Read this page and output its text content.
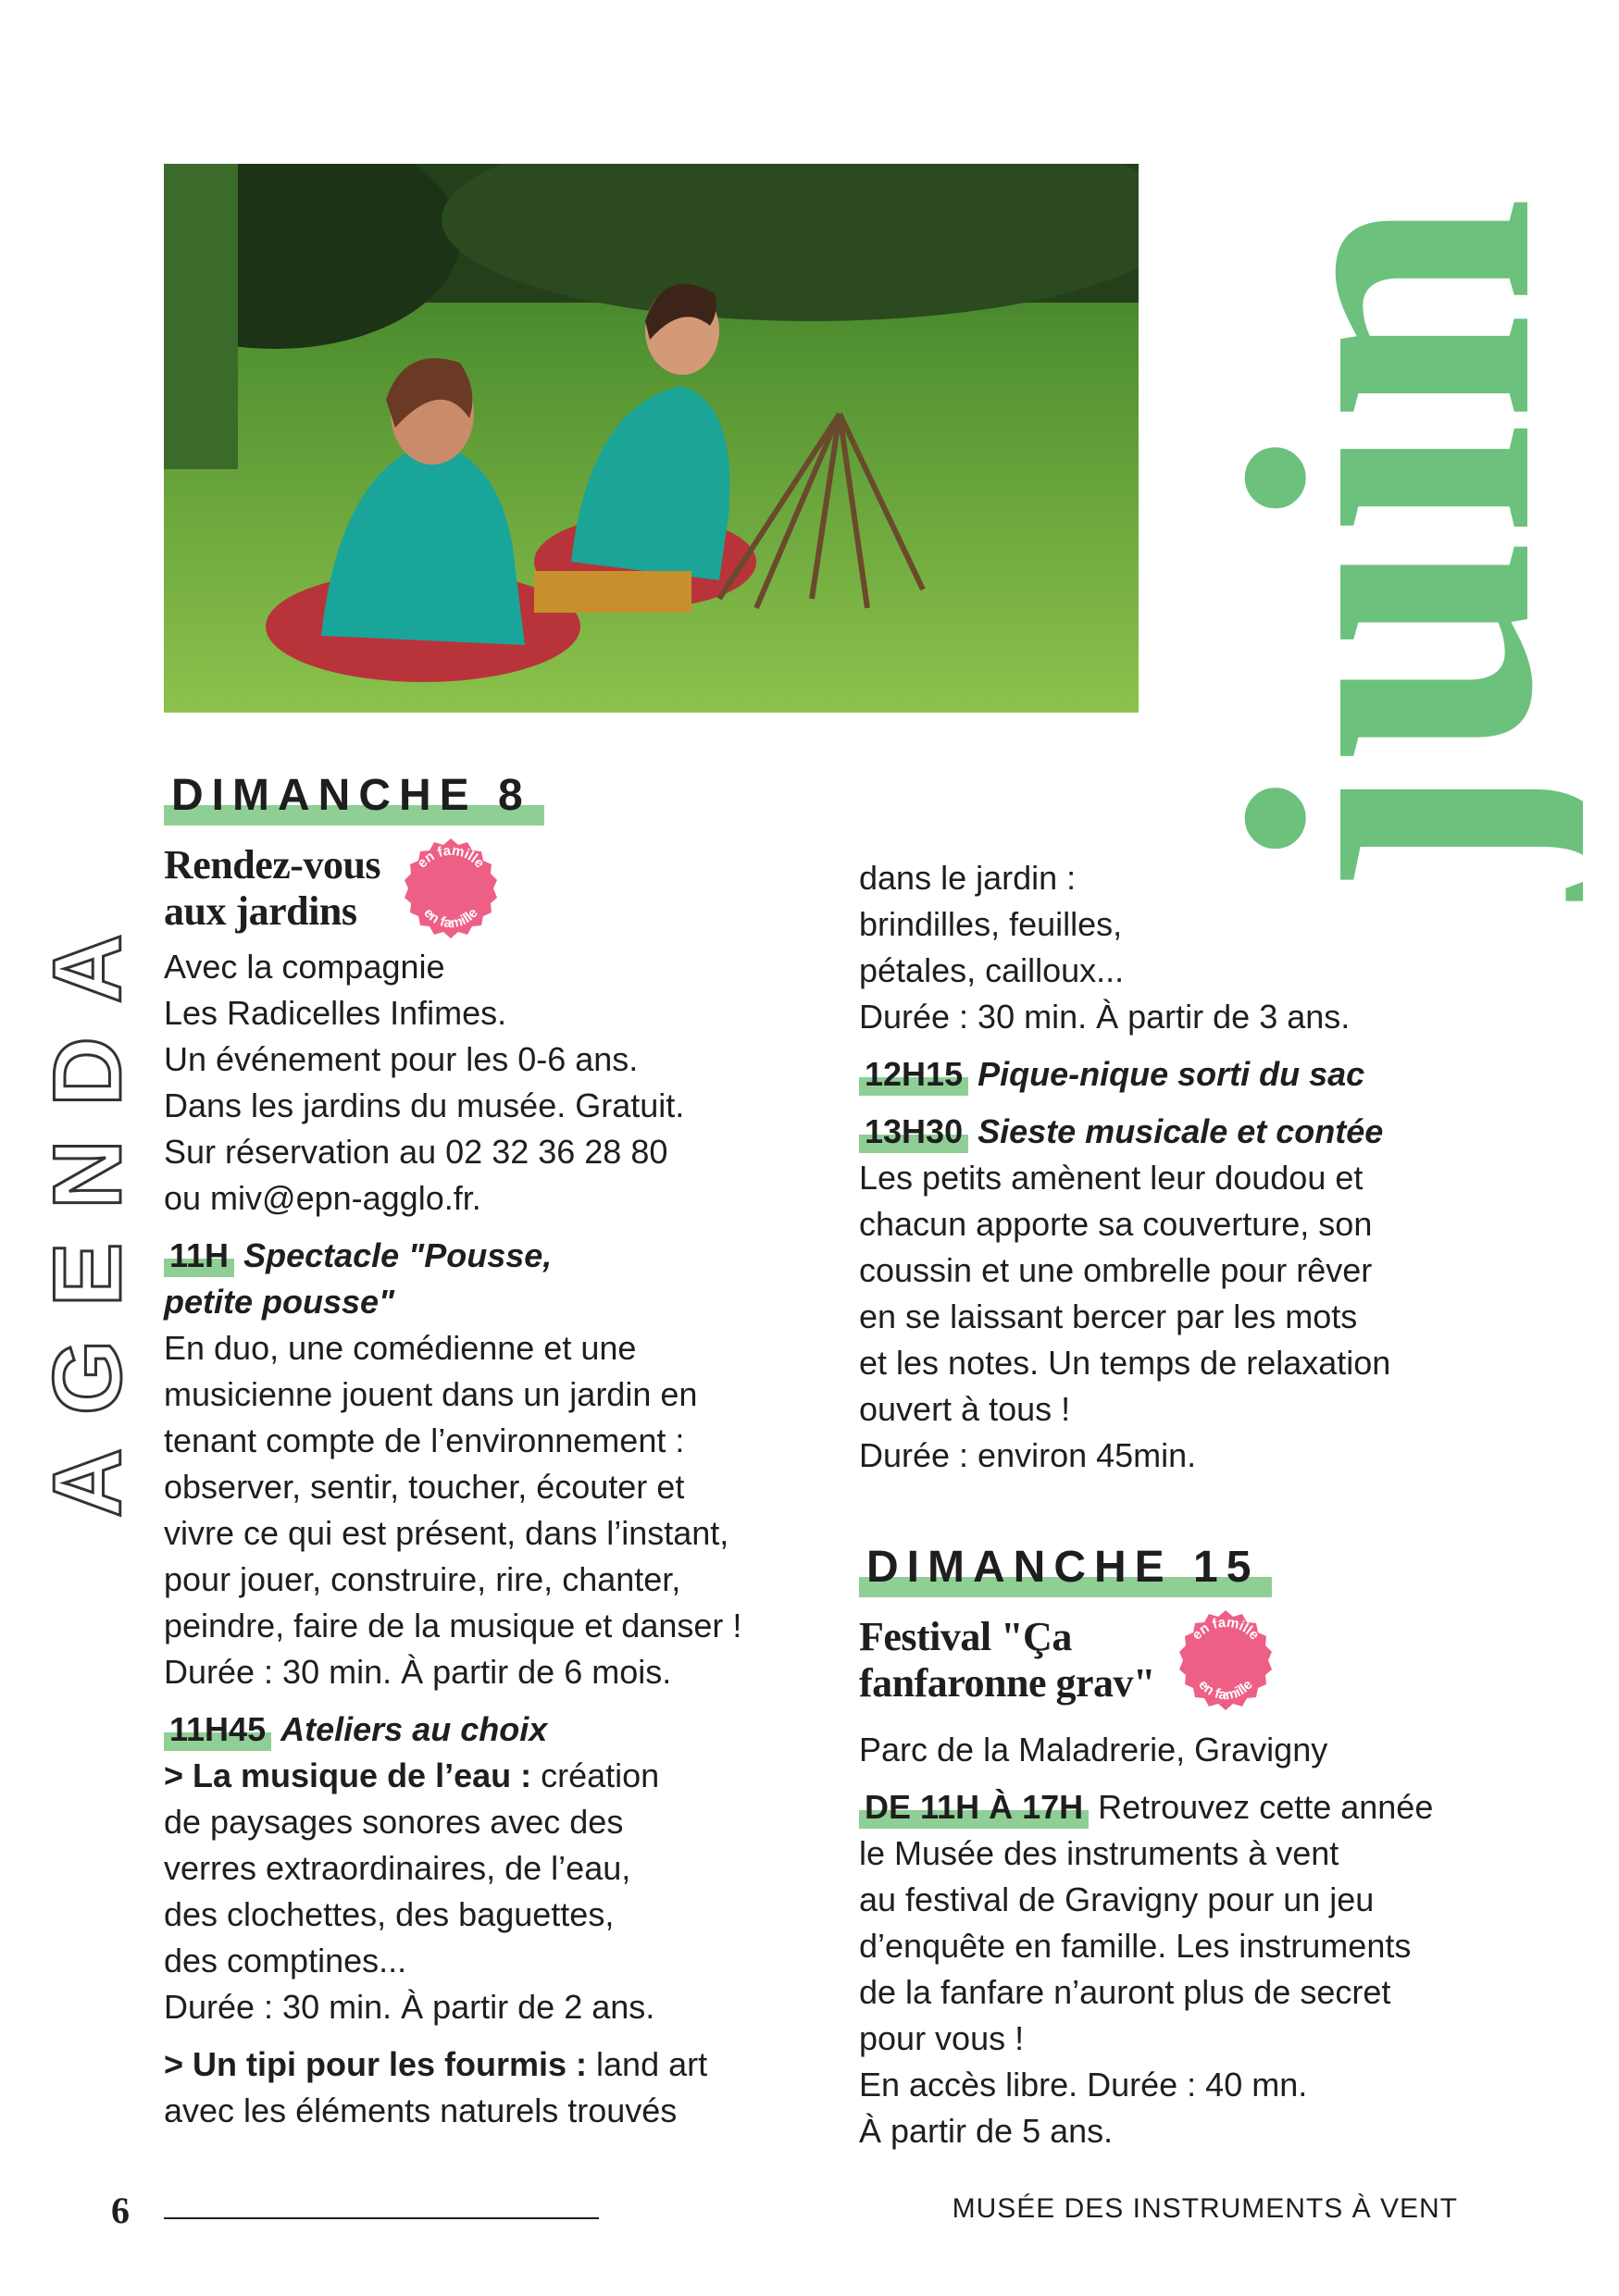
AGENDA
juin
DIMANCHE 8
Rendez-vous
aux jardins
en famille
en famille

Avec la compagnie

Les Radicelles Infimes.

Un événement pour les 0-6 ans.

Dans les jardins du musée. Gratuit.

Sur réservation au 02 32 36 28 80

ou miv@epn-agglo.fr.

11H Spectacle "Pousse,

petite pousse"

En duo, une comédienne et une

musicienne jouent dans un jardin en

tenant compte de l’environnement :

observer, sentir, toucher, écouter et

vivre ce qui est présent, dans l’instant,

pour jouer, construire, rire, chanter,

peindre, faire de la musique et danser !

Durée : 30 min. À partir de 6 mois.

11H45 Ateliers au choix

> La musique de l’eau : création

de paysages sonores avec des

verres extraordinaires, de l’eau,

des clochettes, des baguettes,

des comptines...

Durée : 30 min. À partir de 2 ans.

> Un tipi pour les fourmis : land art

avec les éléments naturels trouvés

dans le jardin :

brindilles, feuilles,

pétales, cailloux...

Durée : 30 min. À partir de 3 ans.

12H15 Pique-nique sorti du sac

13H30 Sieste musicale et contée

Les petits amènent leur doudou et

chacun apporte sa couverture, son

coussin et une ombrelle pour rêver

en se laissant bercer par les mots

et les notes. Un temps de relaxation

ouvert à tous !

Durée : environ 45min.

DIMANCHE 15
Festival "Ça
fanfaronne grav"
en famille
en famille

Parc de la Maladrerie, Gravigny

DE 11H À 17H Retrouvez cette année

le Musée des instruments à vent

au festival de Gravigny pour un jeu

d’enquête en famille. Les instruments

de la fanfare n’auront plus de secret

pour vous !

En accès libre. Durée : 40 mn.

À partir de 5 ans.

6	MUSÉE DES INSTRUMENTS À VENT
